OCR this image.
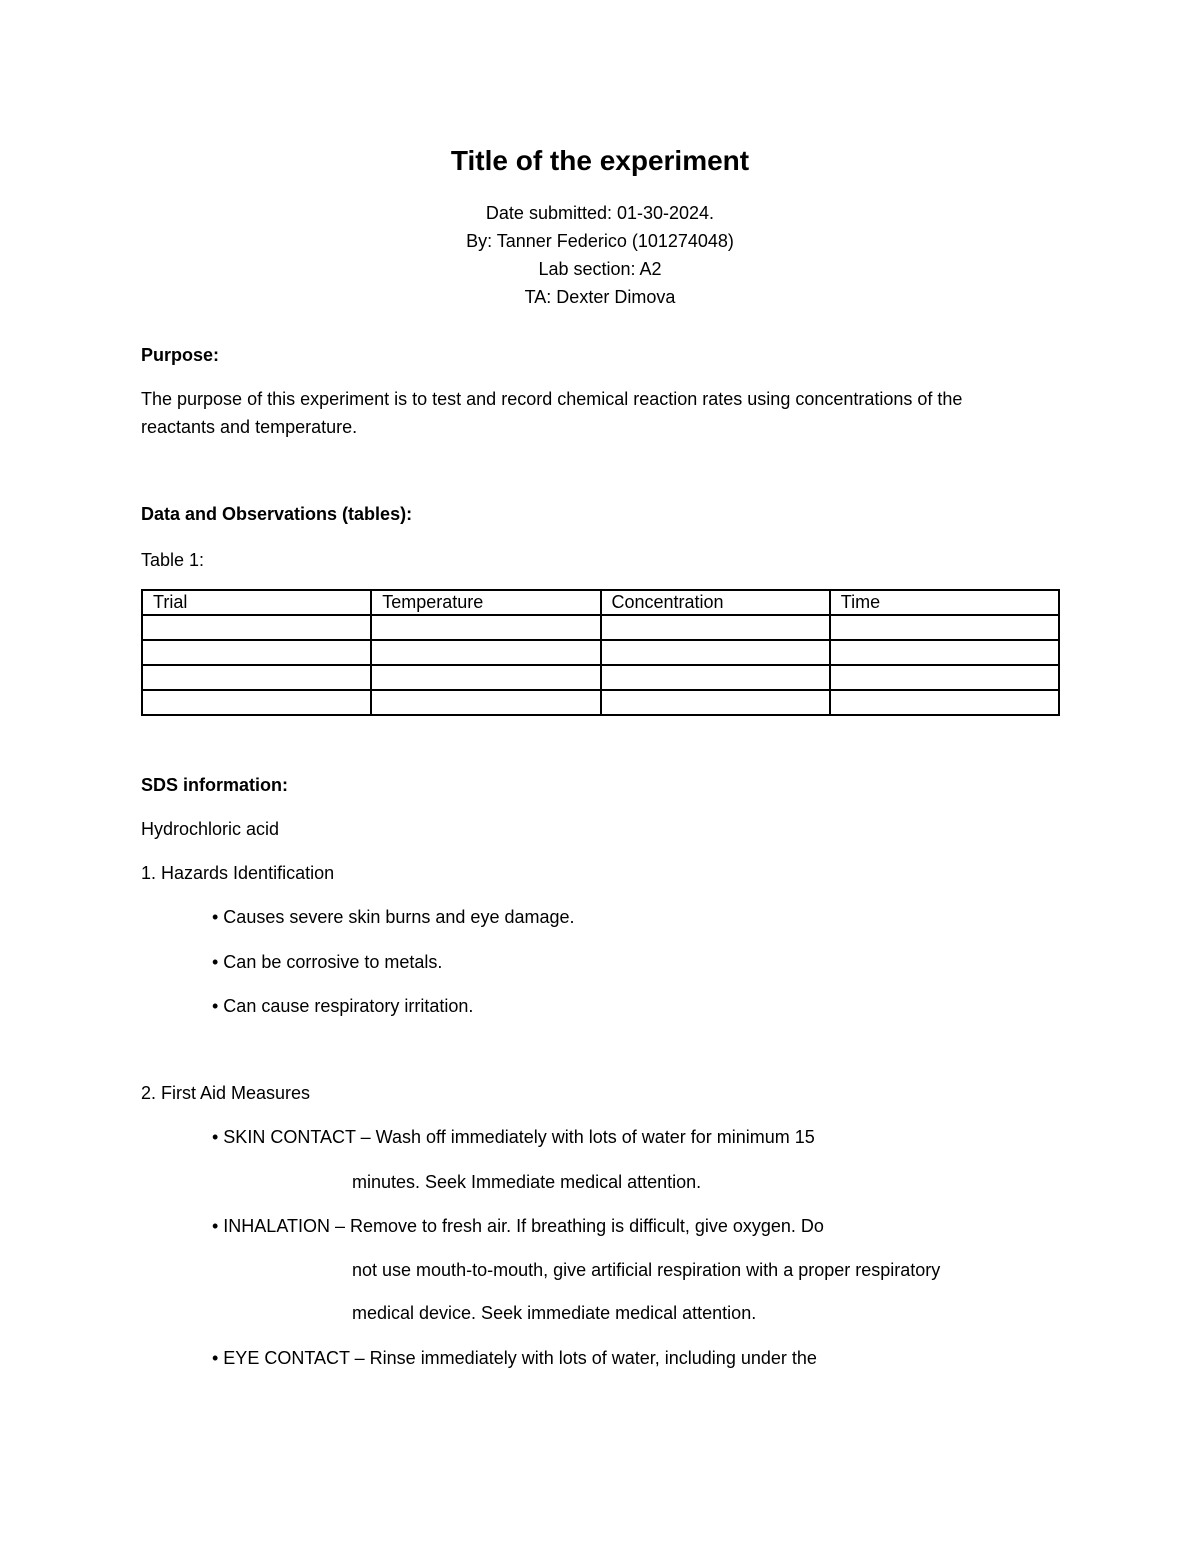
Title of the experiment
Date submitted: 01-30-2024.
By: Tanner Federico (101274048)
Lab section: A2
TA: Dexter Dimova
Purpose:
The purpose of this experiment is to test and record chemical reaction rates using concentrations of the
reactants and temperature.
Data and Observations (tables):
Table 1:
Trial	Temperature	Concentration	Time

SDS information:
Hydrochloric acid
1. Hazards Identification
• Causes severe skin burns and eye damage.
• Can be corrosive to metals.
• Can cause respiratory irritation.
2. First Aid Measures
• SKIN CONTACT – Wash off immediately with lots of water for minimum 15
minutes. Seek Immediate medical attention.
• INHALATION – Remove to fresh air. If breathing is difficult, give oxygen. Do
not use mouth-to-mouth, give artificial respiration with a proper respiratory
medical device. Seek immediate medical attention.
• EYE CONTACT – Rinse immediately with lots of water, including under the
